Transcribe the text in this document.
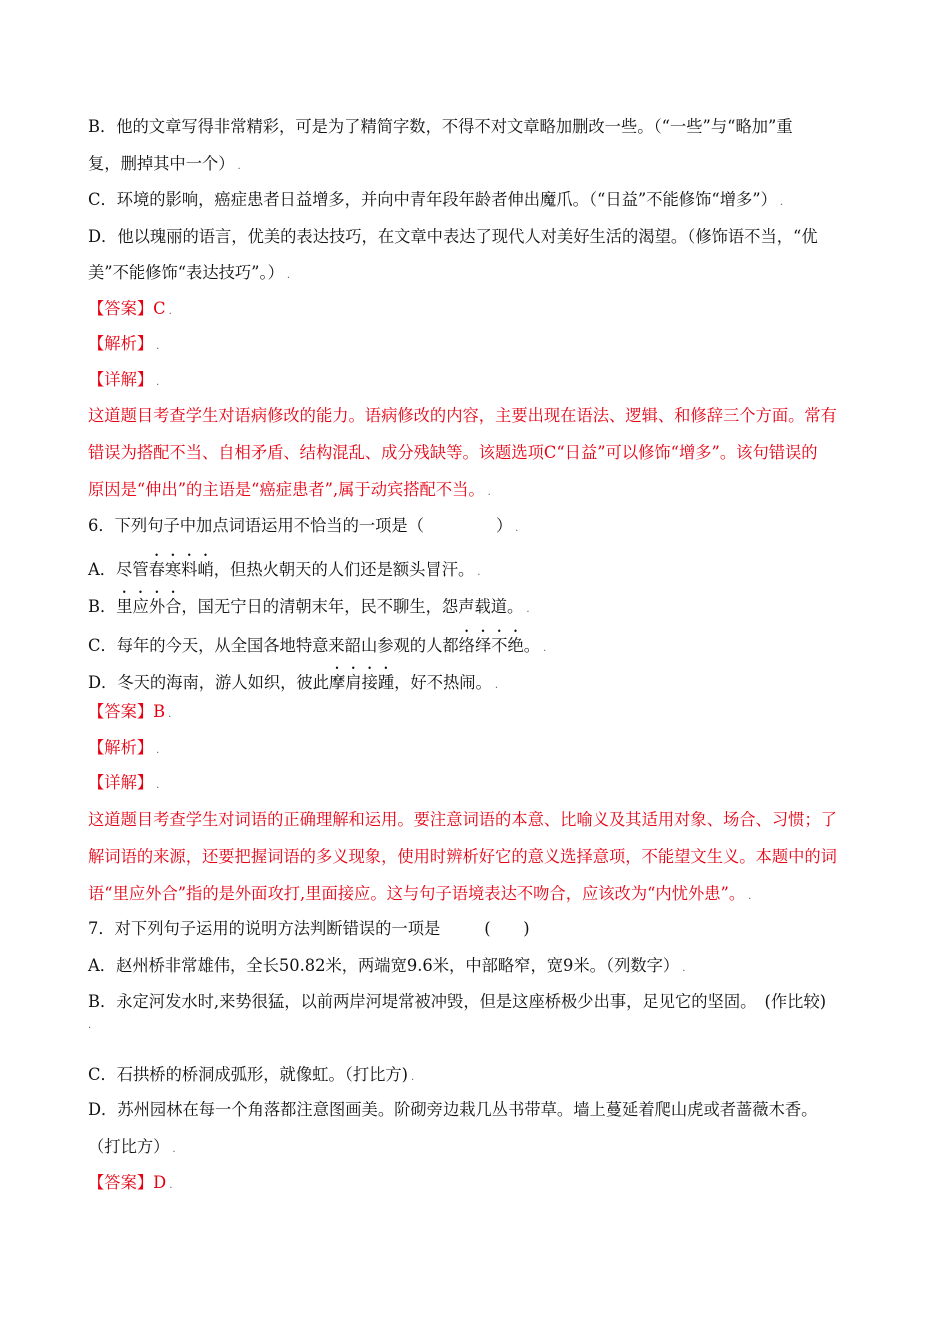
B．他的文章写得非常精彩，可是为了精简字数，不得不对文章略加删改一些。（“一些”与“略加”重
复，删掉其中一个） .
C．环境的影响，癌症患者日益增多，并向中青年段年龄者伸出魔爪。（“日益”不能修饰“增多”） .
D．他以瑰丽的语言，优美的表达技巧，在文章中表达了现代人对美好生活的渴望。（修饰语不当，“优
美”不能修饰“表达技巧”。） .
【答案】C .
【解析】 .
【详解】 .
这道题目考查学生对语病修改的能力。语病修改的内容，主要出现在语法、逻辑、和修辞三个方面。常有
错误为搭配不当、自相矛盾、结构混乱、成分残缺等。该题选项C“日益”可以修饰“增多”。该句错误的
原因是“伸出”的主语是“癌症患者”,属于动宾搭配不当。 .
6．下列句子中加点词语运用不恰当的一项是（	） .
A．尽管春寒料峭，但热火朝天的人们还是额头冒汗。 .
B．里应外合，国无宁日的清朝末年，民不聊生，怨声载道。 .
C．每年的今天，从全国各地特意来韶山参观的人都络绎不绝。 .
D．冬天的海南，游人如织，彼此摩肩接踵，好不热闹。 .
【答案】B .
【解析】 .
【详解】 .
这道题目考查学生对词语的正确理解和运用。要注意词语的本意、比喻义及其适用对象、场合、习惯；了
解词语的来源，还要把握词语的多义现象，使用时辨析好它的意义选择意项，不能望文生义。本题中的词
语“里应外合”指的是外面攻打,里面接应。这与句子语境表达不吻合，应该改为“内忧外患”。 .
7．对下列句子运用的说明方法判断错误的一项是	(　　)
A．赵州桥非常雄伟，全长50.82米，两端宽9.6米，中部略窄，宽9米。（列数字） .
B．永定河发水时,来势很猛，以前两岸河堤常被冲毁，但是这座桥极少出事，足见它的坚固。　(作比较)
.
C．石拱桥的桥洞成弧形，就像虹。（打比方) .
D．苏州园林在每一个角落都注意图画美。阶砌旁边栽几丛书带草。墙上蔓延着爬山虎或者蔷薇木香。
（打比方） .
【答案】D .
